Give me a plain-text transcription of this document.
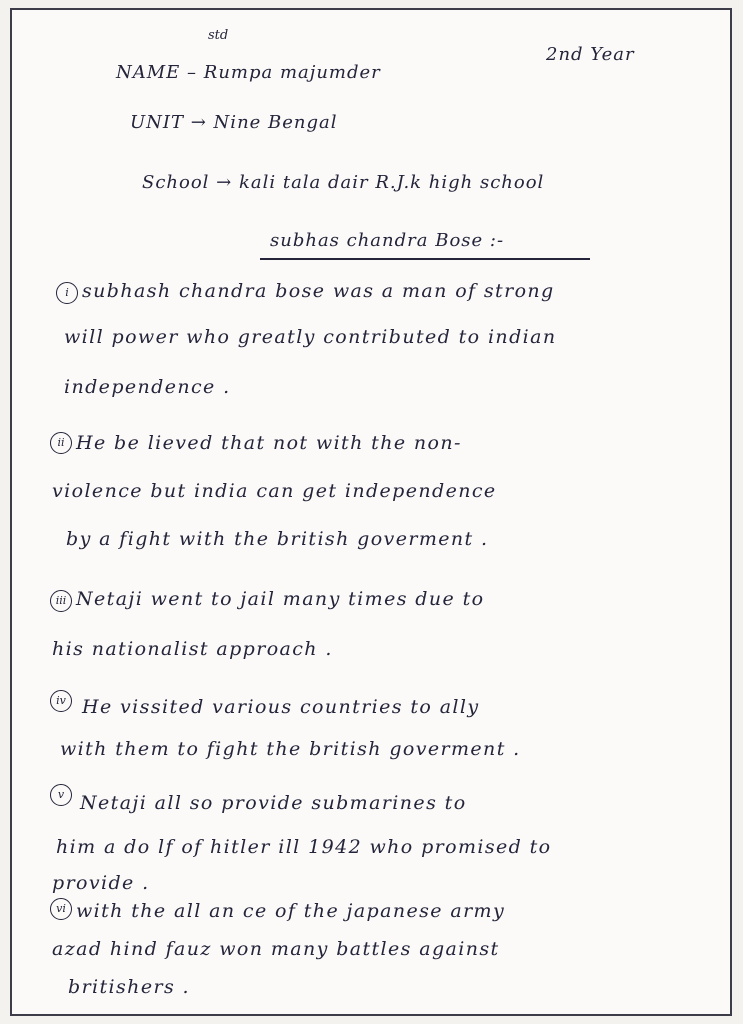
std
NAME – Rumpa majumder
2nd Year
UNIT → Nine Bengal
School → kali tala dair R.J.k high school
subhas chandra Bose :-
i subhash chandra bose was a man of strong
will power who greatly contributed to indian
independence .
ii He be lieved that not with the non-
violence but india can get independence
by a fight with the british goverment .
iii Netaji went to jail many times due to
his nationalist approach .
iv He vissited various countries to ally
with them to fight the british goverment .
v Netaji all so provide submarines to
him a do lf of hitler ill 1942 who promised to
provide .
vi with the all an ce of the japanese army
azad hind fauz won many battles against
britishers .
